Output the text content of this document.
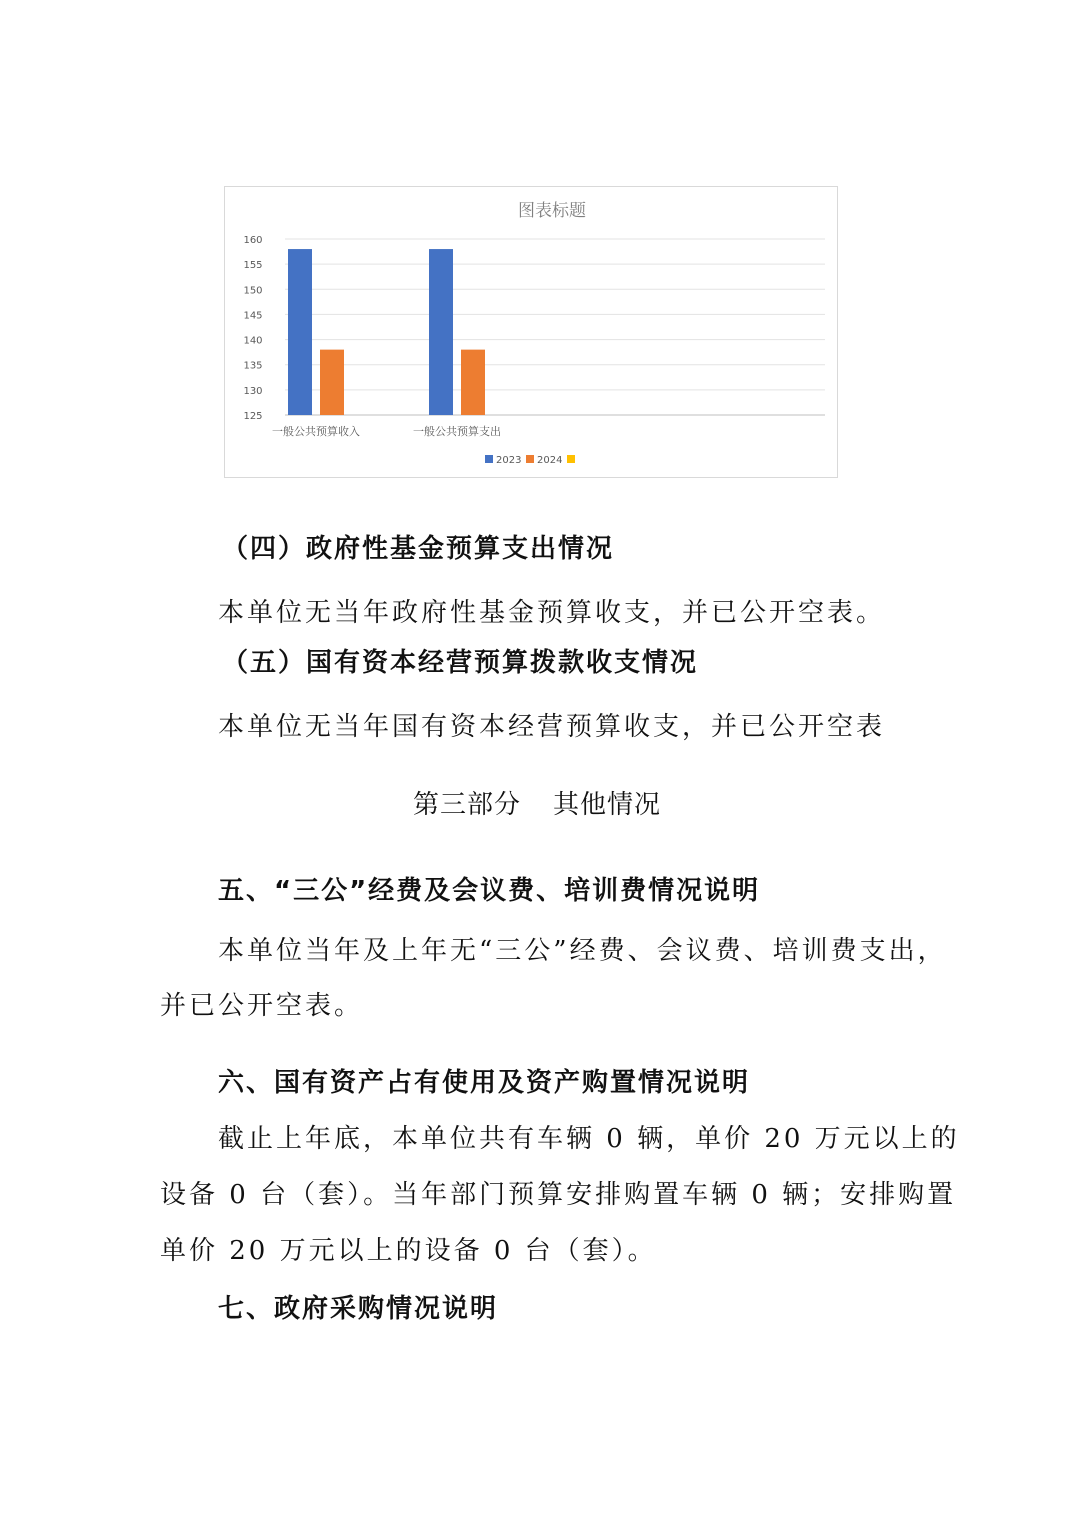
图表标题
125
130
135
140
145
150
155
160
一般公共预算收入	一般公共预算支出
2023 2024
（四）政府性基金预算支出情况
本单位无当年政府性基金预算收支，并已公开空表。
（五）国有资本经营预算拨款收支情况
本单位无当年国有资本经营预算收支，并已公开空表
第三部分 其他情况
五、“三公”经费及会议费、培训费情况说明
本单位当年及上年无“三公”经费、会议费、培训费支出，
并已公开空表。
六、国有资产占有使用及资产购置情况说明
截止上年底，本单位共有车辆 0 辆，单价 20 万元以上的
设备 0 台（套）。当年部门预算安排购置车辆 0 辆；安排购置
单价 20 万元以上的设备 0 台（套）。
七、政府采购情况说明
